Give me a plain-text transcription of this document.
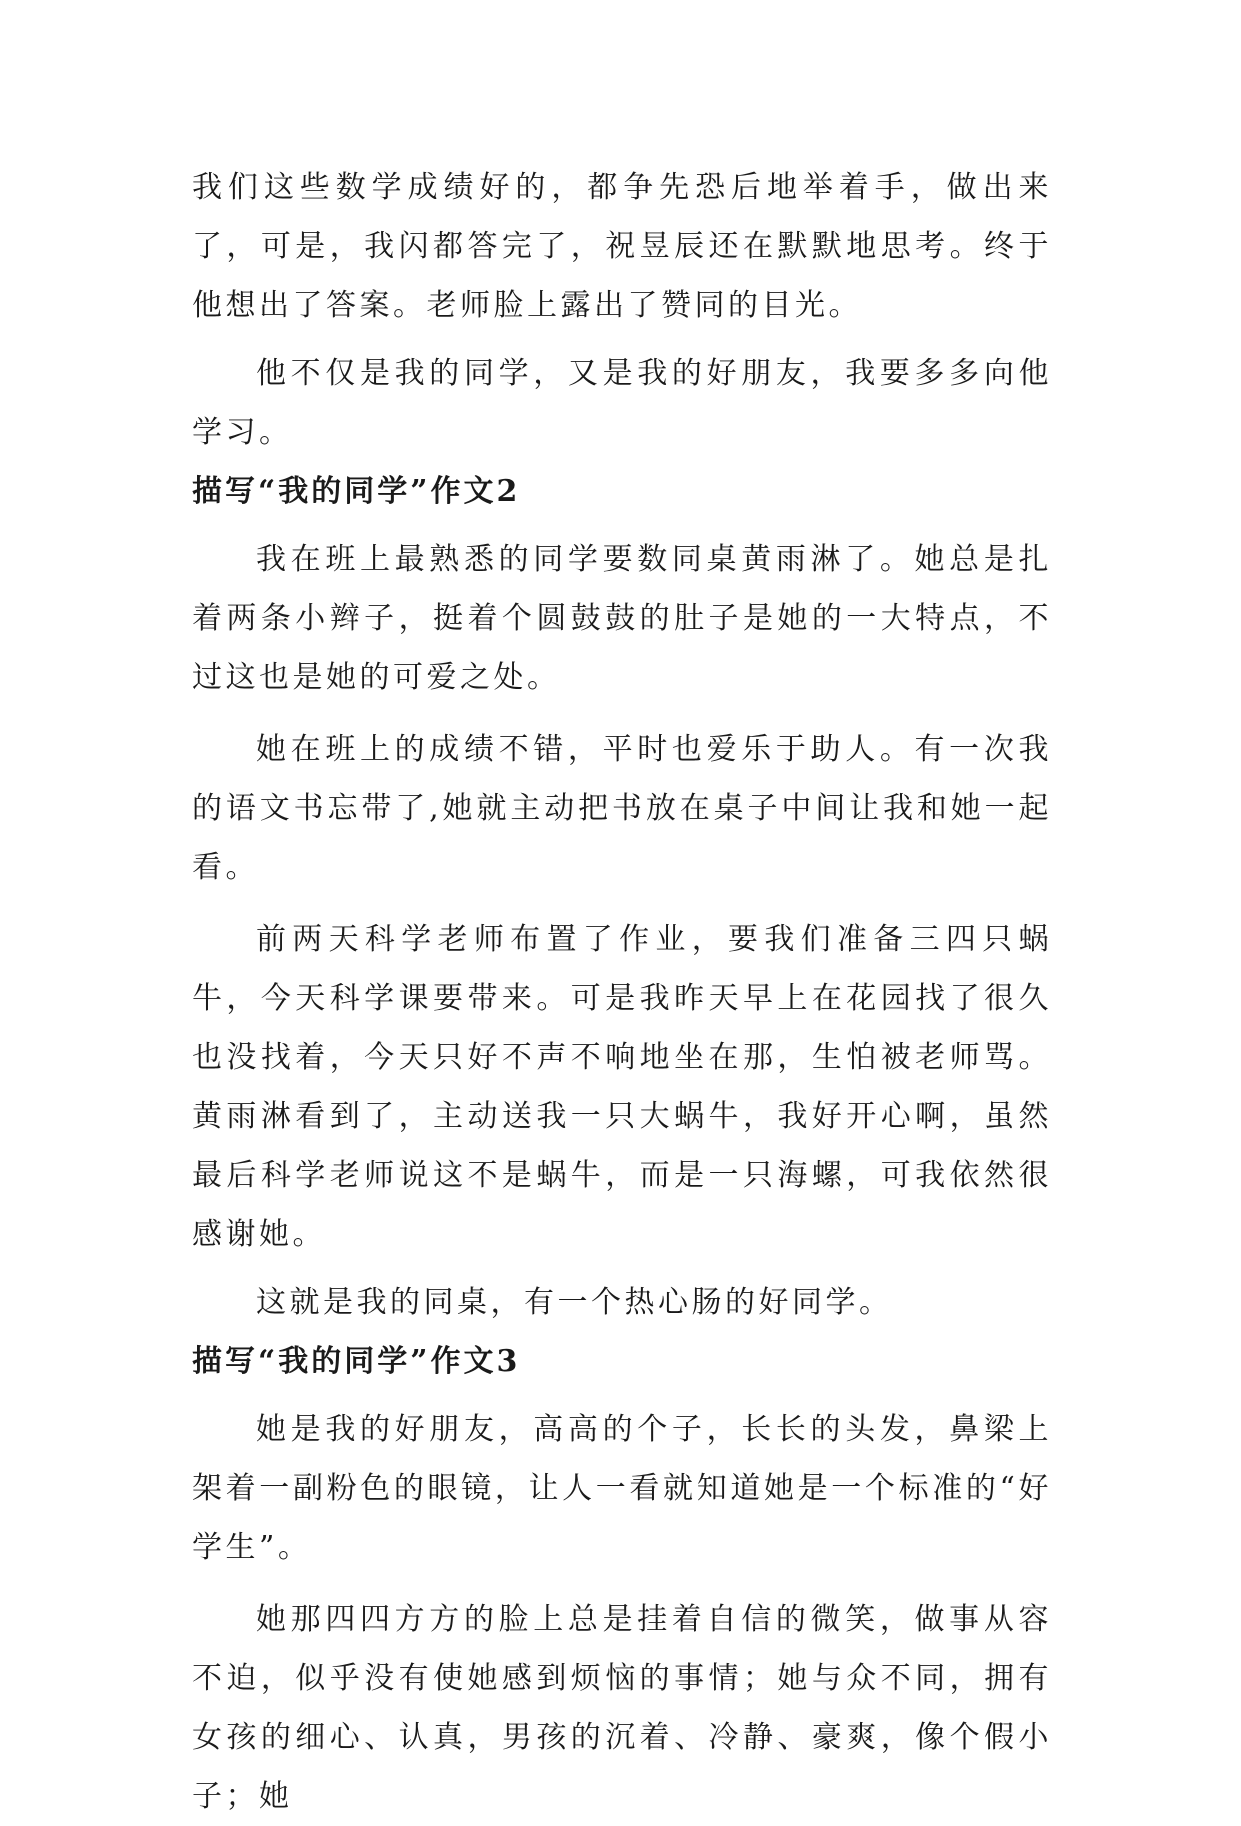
我们这些数学成绩好的，都争先恐后地举着手，做出来了，可是，我闪都答完了，祝昱辰还在默默地思考。终于他想出了答案。老师脸上露出了赞同的目光。

他不仅是我的同学，又是我的好朋友，我要多多向他学习。

描写“我的同学”作文2

我在班上最熟悉的同学要数同桌黄雨淋了。她总是扎着两条小辫子，挺着个圆鼓鼓的肚子是她的一大特点，不过这也是她的可爱之处。

她在班上的成绩不错，平时也爱乐于助人。有一次我的语文书忘带了,她就主动把书放在桌子中间让我和她一起看。

前两天科学老师布置了作业，要我们准备三四只蜗牛，今天科学课要带来。可是我昨天早上在花园找了很久也没找着，今天只好不声不响地坐在那，生怕被老师骂。黄雨淋看到了，主动送我一只大蜗牛，我好开心啊，虽然最后科学老师说这不是蜗牛，而是一只海螺，可我依然很感谢她。

这就是我的同桌，有一个热心肠的好同学。

描写“我的同学”作文3

她是我的好朋友，高高的个子，长长的头发，鼻梁上架着一副粉色的眼镜，让人一看就知道她是一个标准的“好学生”。

她那四四方方的脸上总是挂着自信的微笑，做事从容不迫，似乎没有使她感到烦恼的事情；她与众不同，拥有女孩的细心、认真，男孩的沉着、冷静、豪爽，像个假小子；她
